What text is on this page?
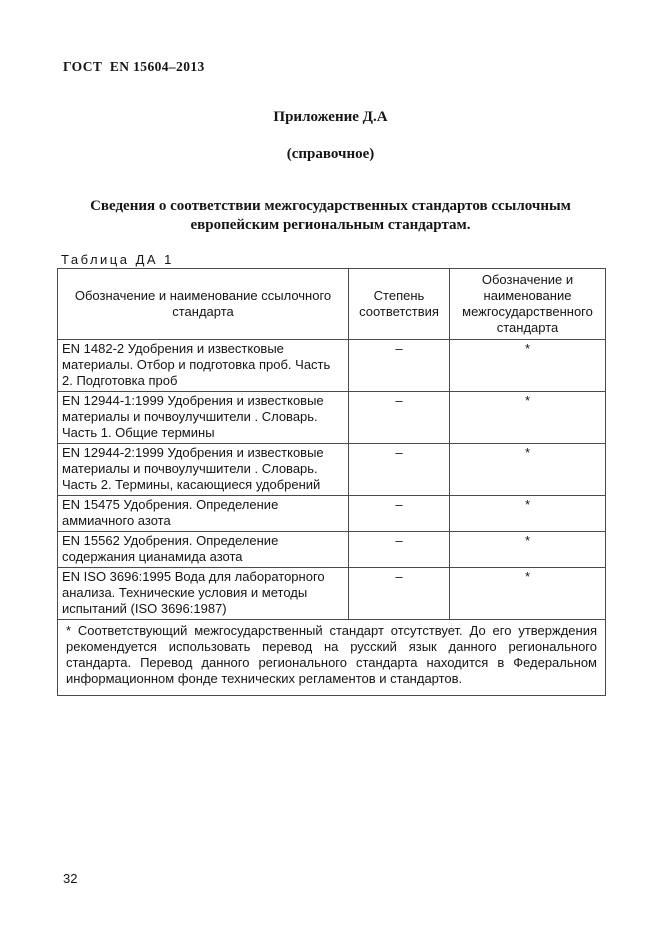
ГОСТ  EN 15604–2013
Приложение Д.А
(справочное)
Сведения о соответствии межгосударственных стандартов ссылочным европейским региональным стандартам.
Таблица ДА 1
Обозначение и наименование ссылочного стандарта	Степень соответствия	Обозначение и наименование межгосударственного стандарта
EN 1482-2 Удобрения и известковые материалы. Отбор и подготовка проб. Часть 2. Подготовка проб	–	*
EN 12944-1:1999 Удобрения и известковые материалы и почвоулучшители . Словарь. Часть 1. Общие термины	–	*
EN 12944-2:1999 Удобрения и известковые материалы и почвоулучшители . Словарь. Часть 2. Термины, касающиеся удобрений	–	*
EN 15475 Удобрения. Определение аммиачного азота	–	*
EN 15562 Удобрения. Определение содержания цианамида азота	–	*
EN ISO 3696:1995 Вода для лабораторного анализа. Технические условия и методы испытаний (ISO 3696:1987)	–	*
* Соответствующий межгосударственный стандарт отсутствует. До его утверждения рекомендуется использовать перевод на русский язык данного регионального стандарта. Перевод данного регионального стандарта находится в Федеральном информационном фонде технических регламентов и стандартов.		
32
